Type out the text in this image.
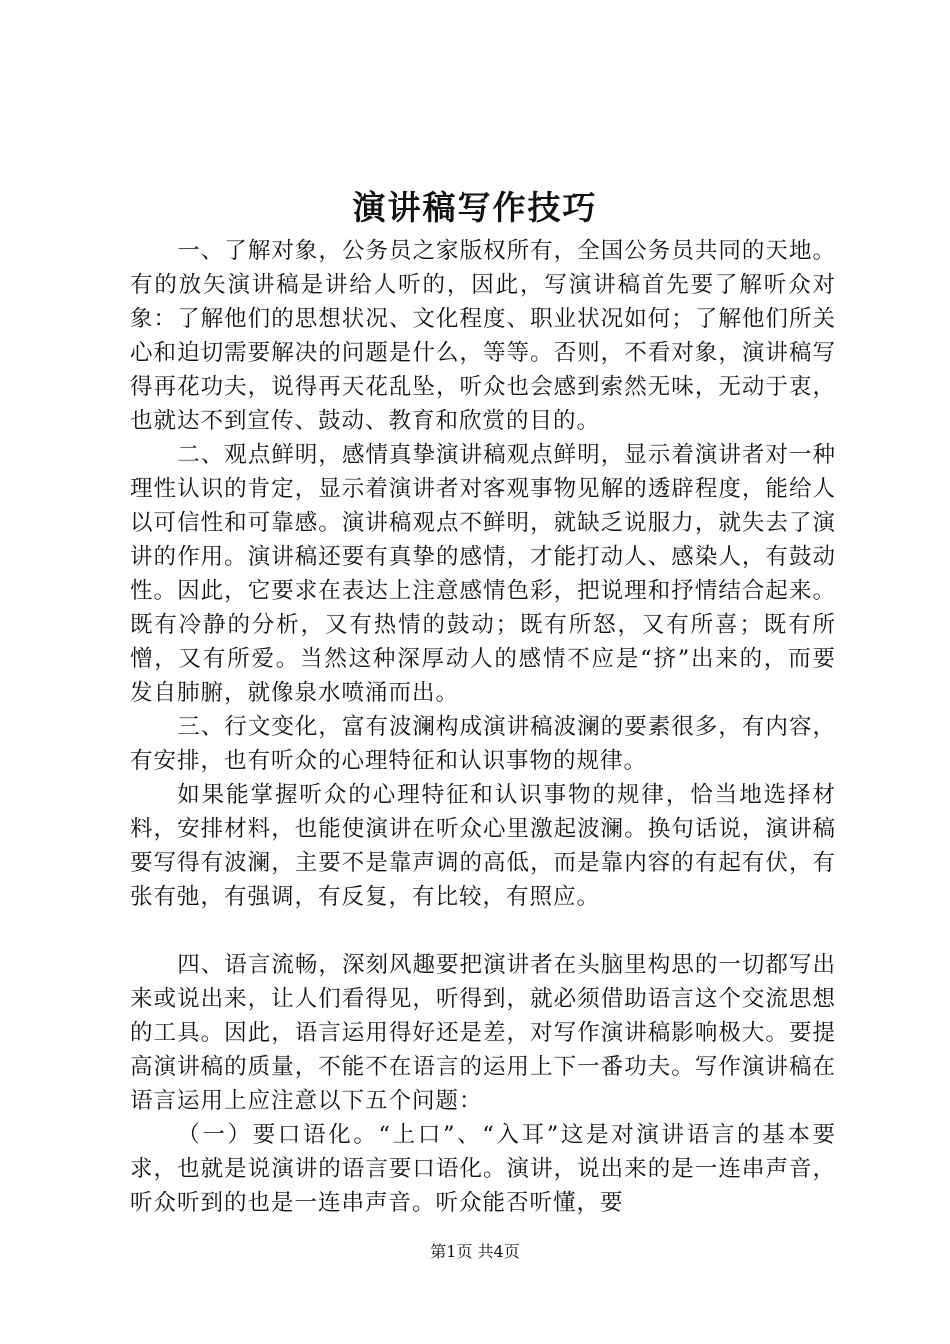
演讲稿写作技巧

一、了解对象，公务员之家版权所有，全国公务员共同的天地。有的放矢演讲稿是讲给人听的，因此，写演讲稿首先要了解听众对象：了解他们的思想状况、文化程度、职业状况如何；了解他们所关心和迫切需要解决的问题是什么，等等。否则，不看对象，演讲稿写得再花功夫，说得再天花乱坠，听众也会感到索然无味，无动于衷，也就达不到宣传、鼓动、教育和欣赏的目的。

二、观点鲜明，感情真挚演讲稿观点鲜明，显示着演讲者对一种理性认识的肯定，显示着演讲者对客观事物见解的透辟程度，能给人以可信性和可靠感。演讲稿观点不鲜明，就缺乏说服力，就失去了演讲的作用。演讲稿还要有真挚的感情，才能打动人、感染人，有鼓动性。因此，它要求在表达上注意感情色彩，把说理和抒情结合起来。既有冷静的分析，又有热情的鼓动；既有所怒，又有所喜；既有所憎，又有所爱。当然这种深厚动人的感情不应是“挤”出来的，而要发自肺腑，就像泉水喷涌而出。

三、行文变化，富有波澜构成演讲稿波澜的要素很多，有内容，有安排，也有听众的心理特征和认识事物的规律。

如果能掌握听众的心理特征和认识事物的规律，恰当地选择材料，安排材料，也能使演讲在听众心里激起波澜。换句话说，演讲稿要写得有波澜，主要不是靠声调的高低，而是靠内容的有起有伏，有张有弛，有强调，有反复，有比较，有照应。

四、语言流畅，深刻风趣要把演讲者在头脑里构思的一切都写出来或说出来，让人们看得见，听得到，就必须借助语言这个交流思想的工具。因此，语言运用得好还是差，对写作演讲稿影响极大。要提高演讲稿的质量，不能不在语言的运用上下一番功夫。写作演讲稿在语言运用上应注意以下五个问题：

（一）要口语化。“上口”、“入耳”这是对演讲语言的基本要求，也就是说演讲的语言要口语化。演讲，说出来的是一连串声音，听众听到的也是一连串声音。听众能否听懂，要

第1页 共4页
